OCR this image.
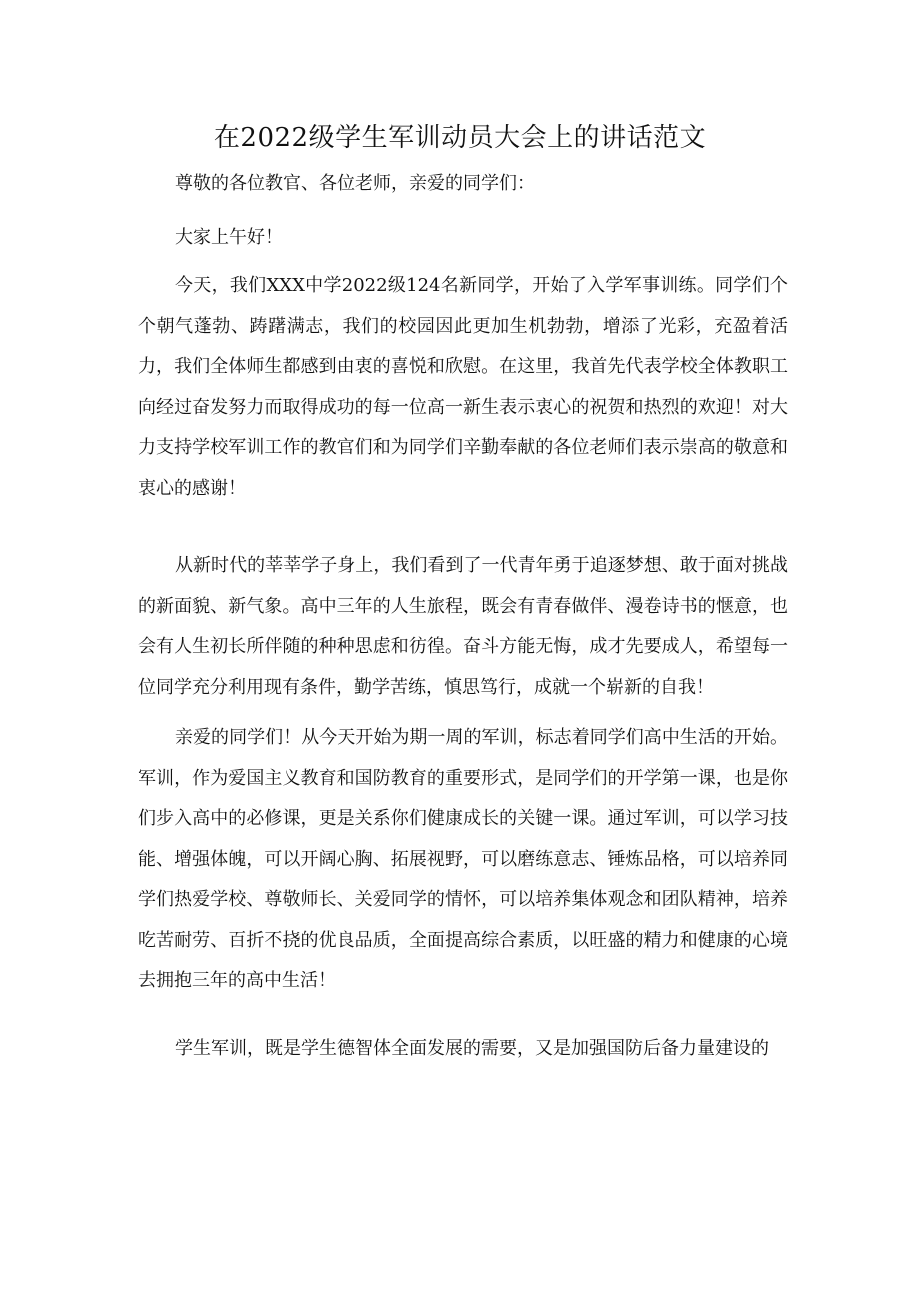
在2022级学生军训动员大会上的讲话范文

尊敬的各位教官、各位老师，亲爱的同学们：

大家上午好！

今天，我们XXX中学2022级124名新同学，开始了入学军事训练。同学们个个朝气蓬勃、踌躇满志，我们的校园因此更加生机勃勃，增添了光彩，充盈着活力，我们全体师生都感到由衷的喜悦和欣慰。在这里，我首先代表学校全体教职工向经过奋发努力而取得成功的每一位高一新生表示衷心的祝贺和热烈的欢迎！对大力支持学校军训工作的教官们和为同学们辛勤奉献的各位老师们表示崇高的敬意和衷心的感谢！

从新时代的莘莘学子身上，我们看到了一代青年勇于追逐梦想、敢于面对挑战的新面貌、新气象。高中三年的人生旅程，既会有青春做伴、漫卷诗书的惬意，也会有人生初长所伴随的种种思虑和彷徨。奋斗方能无悔，成才先要成人，希望每一位同学充分利用现有条件，勤学苦练，慎思笃行，成就一个崭新的自我！

亲爱的同学们！从今天开始为期一周的军训，标志着同学们高中生活的开始。军训，作为爱国主义教育和国防教育的重要形式，是同学们的开学第一课，也是你们步入高中的必修课，更是关系你们健康成长的关键一课。通过军训，可以学习技能、增强体魄，可以开阔心胸、拓展视野，可以磨练意志、锤炼品格，可以培养同学们热爱学校、尊敬师长、关爱同学的情怀，可以培养集体观念和团队精神，培养吃苦耐劳、百折不挠的优良品质，全面提高综合素质，以旺盛的精力和健康的心境去拥抱三年的高中生活！

学生军训，既是学生德智体全面发展的需要，又是加强国防后备力量建设的
